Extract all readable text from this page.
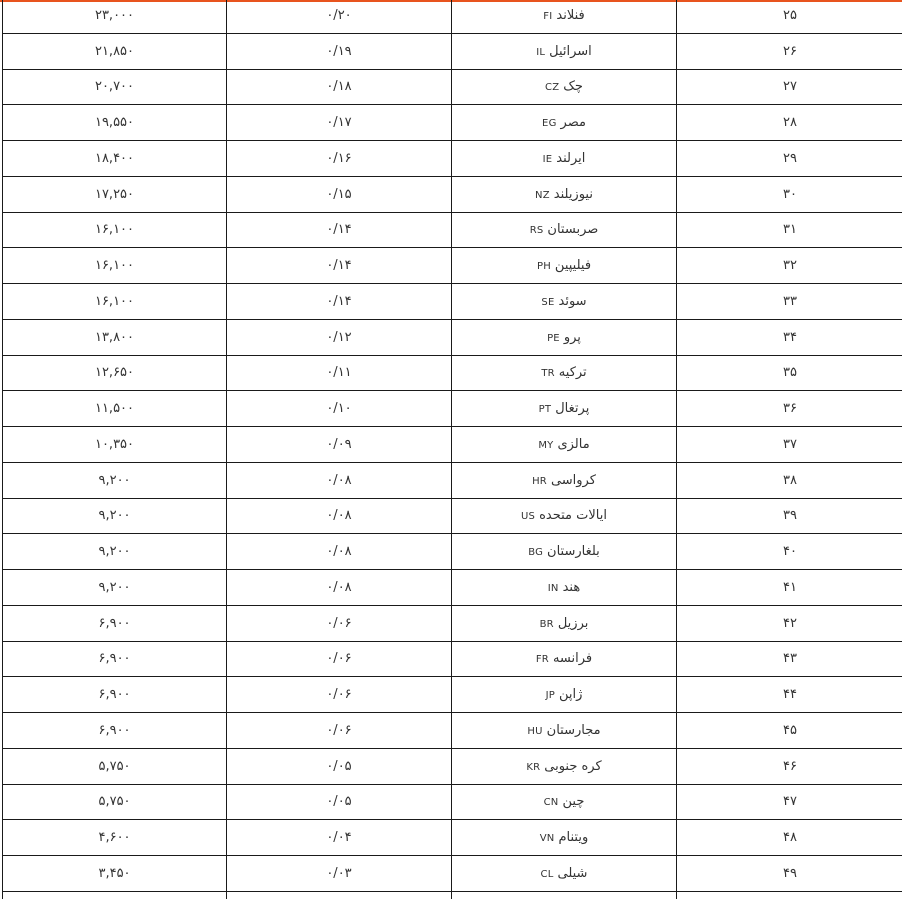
۲۳,۰۰۰	۰/۲۰	فنلاندFI	۲۵
۲۱,۸۵۰	۰/۱۹	اسرائیلIL	۲۶
۲۰,۷۰۰	۰/۱۸	چکCZ	۲۷
۱۹,۵۵۰	۰/۱۷	مصرEG	۲۸
۱۸,۴۰۰	۰/۱۶	ایرلندIE	۲۹
۱۷,۲۵۰	۰/۱۵	نیوزیلندNZ	۳۰
۱۶,۱۰۰	۰/۱۴	صربستانRS	۳۱
۱۶,۱۰۰	۰/۱۴	فیلیپینPH	۳۲
۱۶,۱۰۰	۰/۱۴	سوئدSE	۳۳
۱۳,۸۰۰	۰/۱۲	پروPE	۳۴
۱۲,۶۵۰	۰/۱۱	ترکیهTR	۳۵
۱۱,۵۰۰	۰/۱۰	پرتغالPT	۳۶
۱۰,۳۵۰	۰/۰۹	مالزیMY	۳۷
۹,۲۰۰	۰/۰۸	کرواسیHR	۳۸
۹,۲۰۰	۰/۰۸	ایالات متحدهUS	۳۹
۹,۲۰۰	۰/۰۸	بلغارستانBG	۴۰
۹,۲۰۰	۰/۰۸	هندIN	۴۱
۶,۹۰۰	۰/۰۶	برزیلBR	۴۲
۶,۹۰۰	۰/۰۶	فرانسهFR	۴۳
۶,۹۰۰	۰/۰۶	ژاپنJP	۴۴
۶,۹۰۰	۰/۰۶	مجارستانHU	۴۵
۵,۷۵۰	۰/۰۵	کره جنوبیKR	۴۶
۵,۷۵۰	۰/۰۵	چینCN	۴۷
۴,۶۰۰	۰/۰۴	ویتنامVN	۴۸
۳,۴۵۰	۰/۰۳	شیلیCL	۴۹
